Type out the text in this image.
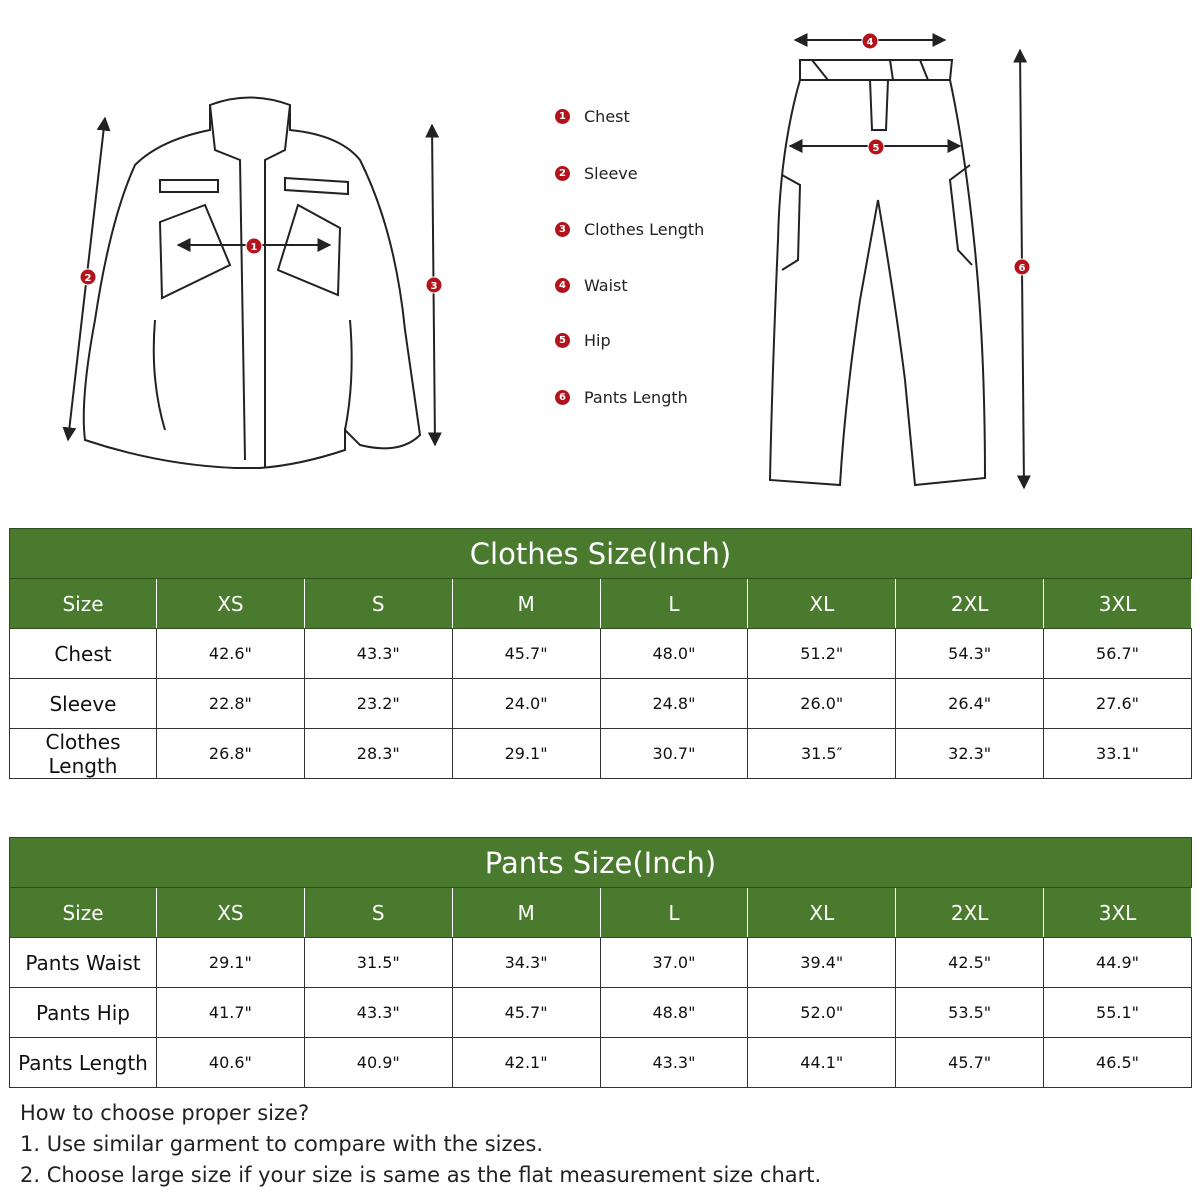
1
2
3
4
5
6
1 Chest
2 Sleeve
3 Clothes Length
4 Waist
5 Hip
6 Pants Length
Clothes Size(Inch)							
Size	XS	S	M	L	XL	2XL	3XL
Chest	42.6"	43.3"	45.7"	48.0"	51.2"	54.3"	56.7"
Sleeve	22.8"	23.2"	24.0"	24.8"	26.0"	26.4"	27.6"
Clothes Length	26.8"	28.3"	29.1"	30.7"	31.5″	32.3"	33.1"
Pants Size(Inch)							
Size	XS	S	M	L	XL	2XL	3XL
Pants Waist	29.1"	31.5"	34.3"	37.0"	39.4"	42.5"	44.9"
Pants Hip	41.7"	43.3"	45.7"	48.8"	52.0"	53.5"	55.1"
Pants Length	40.6"	40.9"	42.1"	43.3"	44.1"	45.7"	46.5"
How to choose proper size?
1. Use similar garment to compare with the sizes.
2. Choose large size if your size is same as the flat measurement size chart.
